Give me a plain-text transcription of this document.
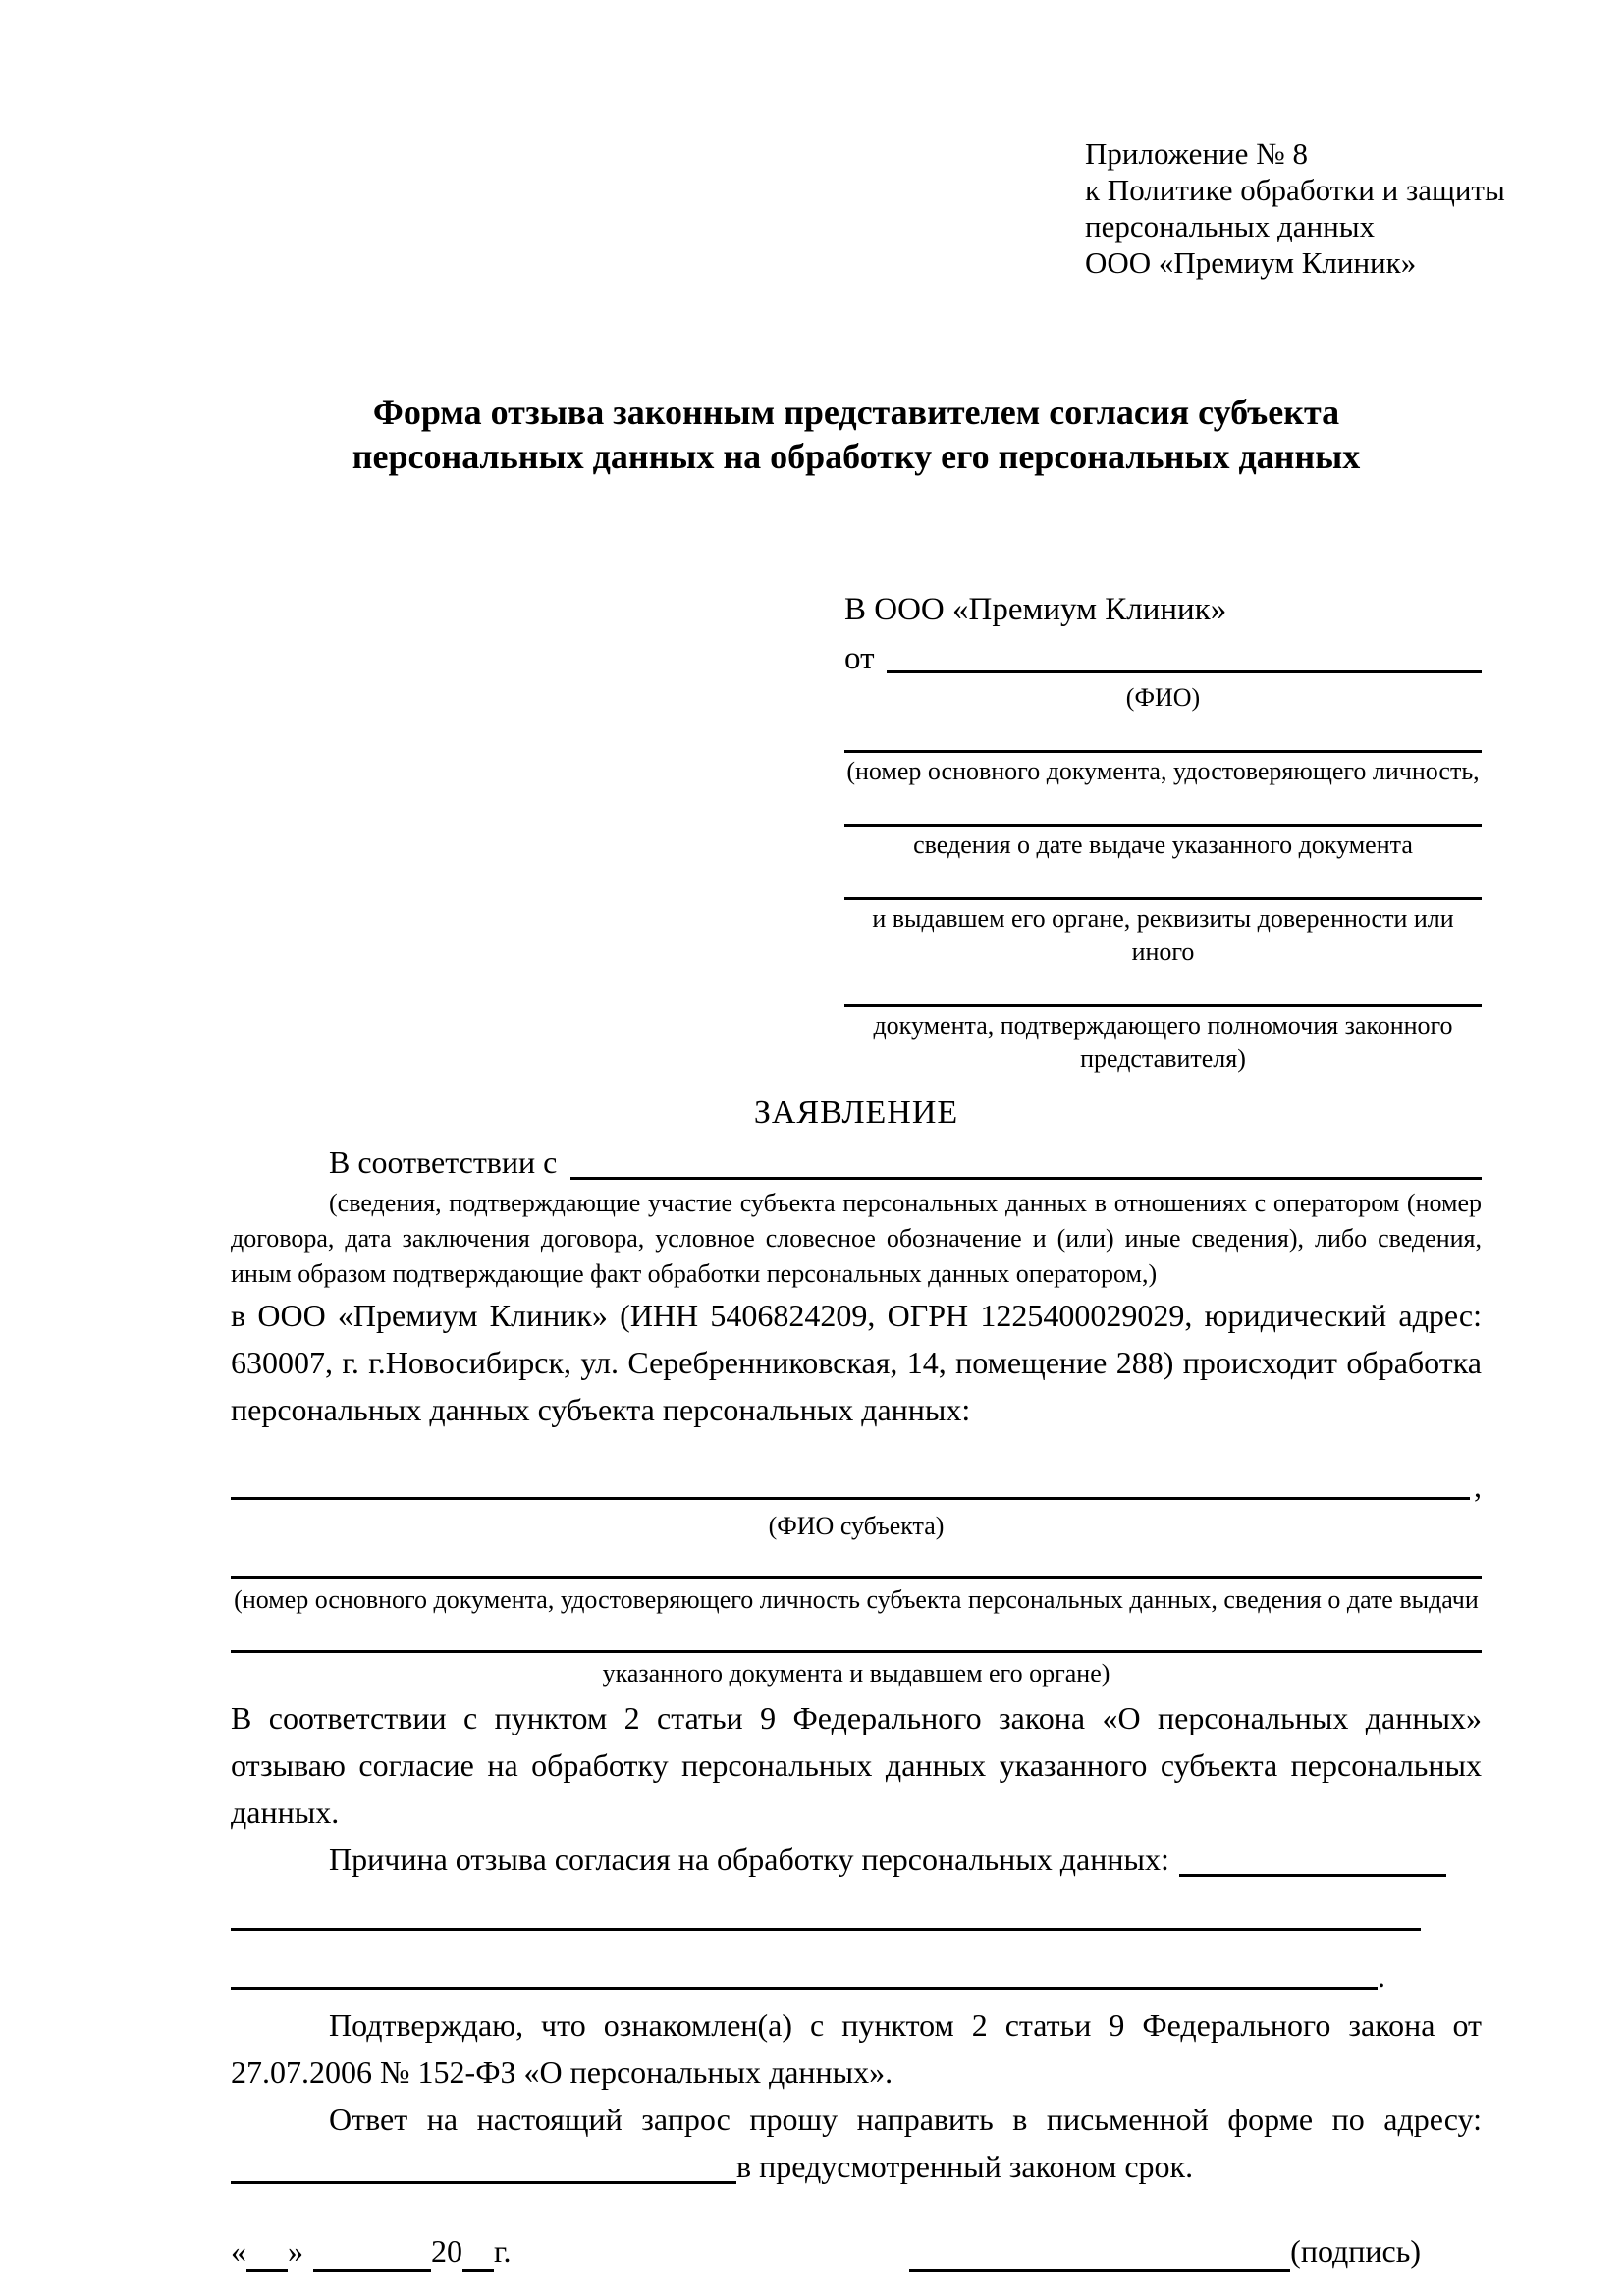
Приложение № 8
к Политике обработки и защиты
персональных данных
ООО «Премиум Клиник»
Форма отзыва законным представителем согласия субъекта
персональных данных на обработку его персональных данных
В ООО «Премиум Клиник»
от
(ФИО)
(номер основного документа, удостоверяющего личность,
сведения о дате выдаче указанного документа
и выдавшем его органе, реквизиты доверенности или иного
документа, подтверждающего полномочия законного представителя)
ЗАЯВЛЕНИЕ
В соответствии с

(сведения, подтверждающие участие субъекта персональных данных в отношениях с оператором (номер договора, дата заключения договора, условное словесное обозначение и (или) иные сведения), либо сведения, иным образом подтверждающие факт обработки персональных данных оператором,)

в ООО «Премиум Клиник» (ИНН 5406824209, ОГРН 1225400029029, юридический адрес: 630007, г. г.Новосибирск, ул. Серебренниковская, 14, помещение 288) происходит обработка персональных данных субъекта персональных данных:

,
(ФИО субъекта)
(номер основного документа, удостоверяющего личность субъекта персональных данных, сведения о дате выдачи
указанного документа и выдавшем его органе)

В соответствии с пунктом 2 статьи 9 Федерального закона «О персональных данных» отзываю согласие на обработку персональных данных указанного субъекта персональных данных.

Причина отзыва согласия на обработку персональных данных:
.

Подтверждаю, что ознакомлен(а) с пунктом 2 статьи 9 Федерального закона от 27.07.2006 № 152-ФЗ «О персональных данных».

Ответ на настоящий запрос прошу направить в письменной форме по адресу:

в предусмотренный законом срок.
« »	20 г.	(подпись)
